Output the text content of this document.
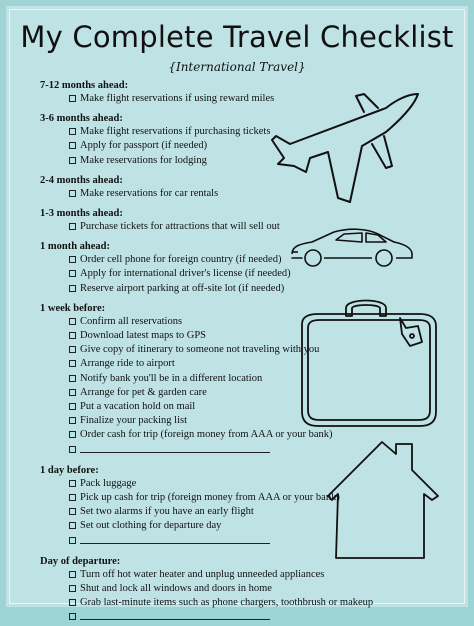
My Complete Travel Checklist
{International Travel}
7-12 months ahead:
Make flight reservations if using reward miles
3-6 months ahead:
Make flight reservations if purchasing tickets
Apply for passport (if needed)
Make reservations for lodging
2-4 months ahead:
Make reservations for car rentals
1-3 months ahead:
Purchase tickets for attractions that will sell out
1 month ahead:
Order cell phone for foreign country (if needed)
Apply for international driver's license (if needed)
Reserve airport parking at off-site lot (if needed)
1 week before:
Confirm all reservations
Download latest maps to GPS
Give copy of itinerary to someone not traveling with you
Arrange ride to airport
Notify bank you'll be in a different location
Arrange for pet & garden care
Put a vacation hold on mail
Finalize your packing list
Order cash for trip (foreign money from AAA or your bank)
1 day before:
Pack luggage
Pick up cash for trip (foreign money from AAA or your bank)
Set two alarms if you have an early flight
Set out clothing for departure day
Day of departure:
Turn off hot water heater and unplug unneeded appliances
Shut and lock all windows and doors in home
Grab last-minute items such as phone chargers, toothbrush or makeup
